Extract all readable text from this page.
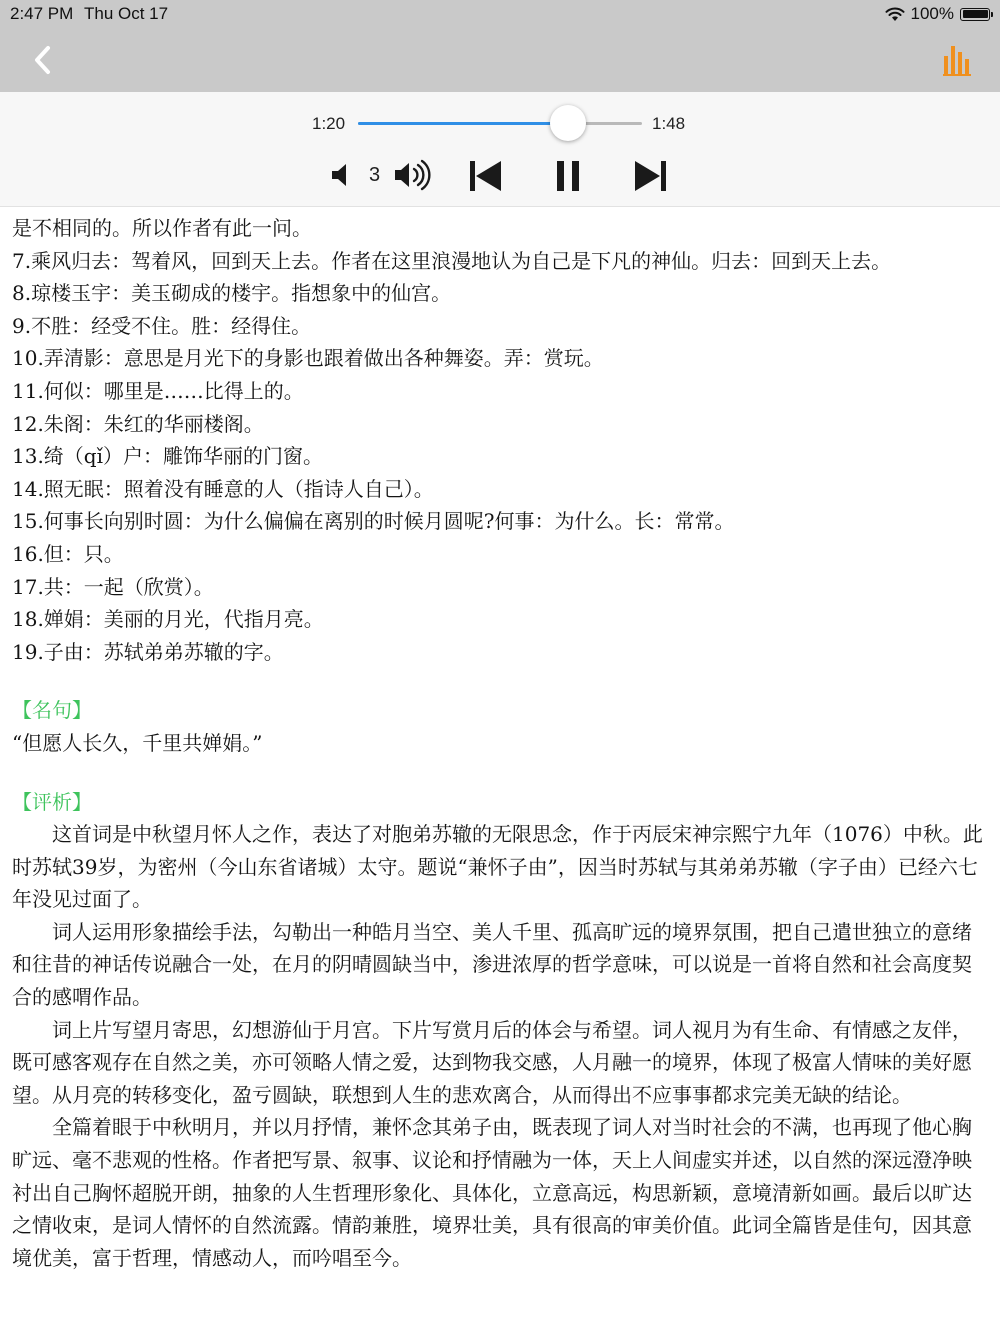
2:47 PM Thu Oct 17	100%
1:20	1:48
3

是不相同的。所以作者有此一问。

7.乘风归去：驾着风，回到天上去。作者在这里浪漫地认为自己是下凡的神仙。归去：回到天上去。

8.琼楼玉宇：美玉砌成的楼宇。指想象中的仙宫。

9.不胜：经受不住。胜：经得住。

10.弄清影：意思是月光下的身影也跟着做出各种舞姿。弄：赏玩。

11.何似：哪里是……比得上的。

12.朱阁：朱红的华丽楼阁。

13.绮（qǐ）户：雕饰华丽的门窗。

14.照无眠：照着没有睡意的人（指诗人自己）。

15.何事长向别时圆：为什么偏偏在离别的时候月圆呢?何事：为什么。长：常常。

16.但：只。

17.共：一起（欣赏）。

18.婵娟：美丽的月光，代指月亮。

19.子由：苏轼弟弟苏辙的字。

【名句】

“但愿人长久，千里共婵娟。”

【评析】

这首词是中秋望月怀人之作，表达了对胞弟苏辙的无限思念，作于丙辰宋神宗熙宁九年（1076）中秋。此时苏轼39岁，为密州（今山东省诸城）太守。题说“兼怀子由”，因当时苏轼与其弟弟苏辙（字子由）已经六七年没见过面了。

词人运用形象描绘手法，勾勒出一种皓月当空、美人千里、孤高旷远的境界氛围，把自己遣世独立的意绪和往昔的神话传说融合一处，在月的阴晴圆缺当中，渗进浓厚的哲学意味，可以说是一首将自然和社会高度契合的感喟作品。

词上片写望月寄思，幻想游仙于月宫。下片写赏月后的体会与希望。词人视月为有生命、有情感之友伴，既可感客观存在自然之美，亦可领略人情之爱，达到物我交感，人月融一的境界，体现了极富人情味的美好愿望。从月亮的转移变化，盈亏圆缺，联想到人生的悲欢离合，从而得出不应事事都求完美无缺的结论。

全篇着眼于中秋明月，并以月抒情，兼怀念其弟子由，既表现了词人对当时社会的不满，也再现了他心胸旷远、毫不悲观的性格。作者把写景、叙事、议论和抒情融为一体，天上人间虚实并述，以自然的深远澄净映衬出自己胸怀超脱开朗，抽象的人生哲理形象化、具体化，立意高远，构思新颖，意境清新如画。最后以旷达之情收束，是词人情怀的自然流露。情韵兼胜，境界壮美，具有很高的审美价值。此词全篇皆是佳句，因其意境优美，富于哲理，情感动人，而吟唱至今。
